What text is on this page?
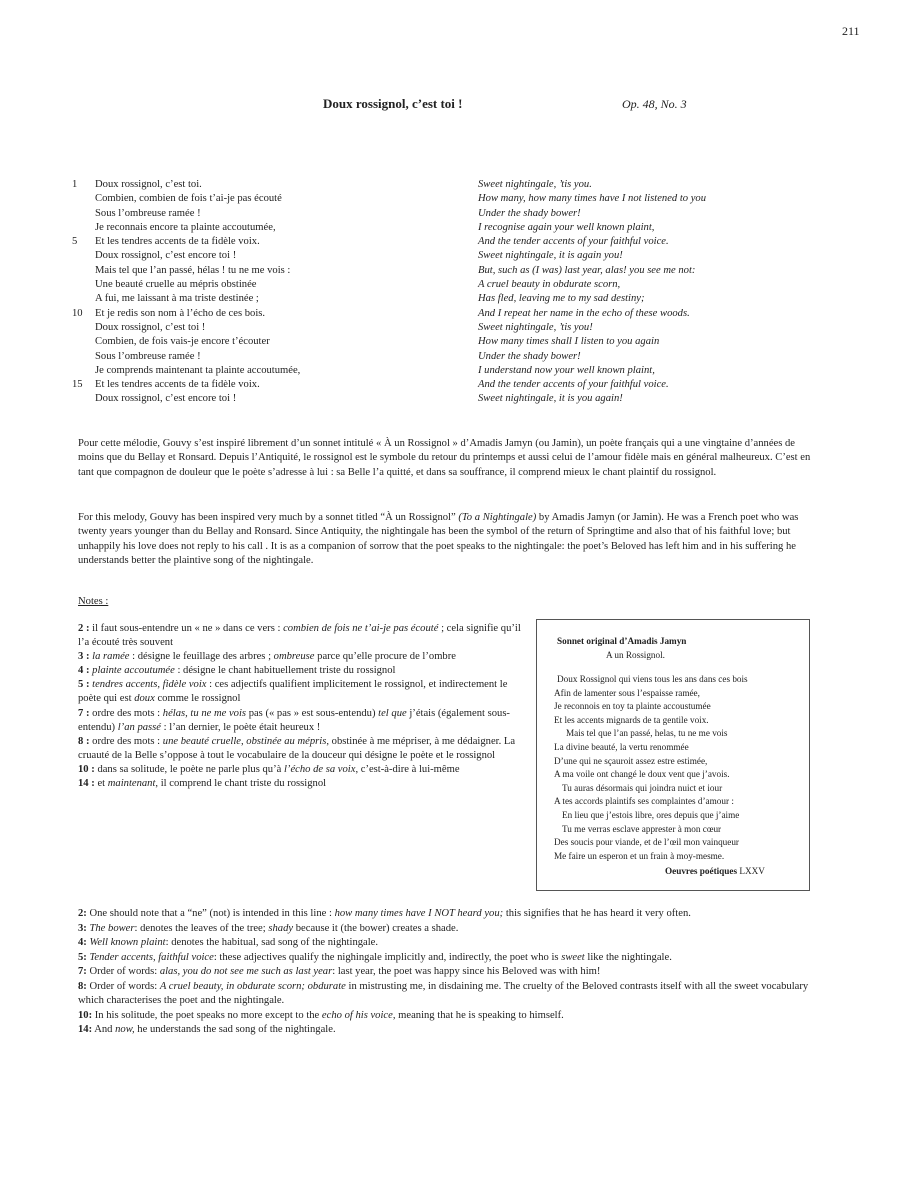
211
Doux rossignol, c’est toi !	Op. 48, No. 3
1 Doux rossignol, c’est toi.
Combien, combien de fois t’ai-je pas écouté
Sous l’ombreuse ramée !
Je reconnais encore ta plainte accoutumée,
5 Et les tendres accents de ta fidèle voix.
Doux rossignol, c’est encore toi !
Mais tel que l’an passé, hélas ! tu ne me vois :
Une beauté cruelle au mépris obstinée
A fui, me laissant à ma triste destinée ;
10 Et je redis son nom à l’écho de ces bois.
Doux rossignol, c’est toi !
Combien, de fois vais-je encore t’écouter
Sous l’ombreuse ramée !
Je comprends maintenant ta plainte accoutumée,
15 Et les tendres accents de ta fidèle voix.
Doux rossignol, c’est encore toi !
Sweet nightingale, ’tis you.
How many, how many times have I not listened to you
Under the shady bower!
I recognise again your well known plaint,
And the tender accents of your faithful voice.
Sweet nightingale, it is again you!
But, such as (I was) last year, alas! you see me not:
A cruel beauty in obdurate scorn,
Has fled, leaving me to my sad destiny;
And I repeat her name in the echo of these woods.
Sweet nightingale, ’tis you!
How many times shall I listen to you again
Under the shady bower!
I understand now your well known plaint,
And the tender accents of your faithful voice.
Sweet nightingale, it is you again!
Pour cette mélodie, Gouvy s’est inspiré librement d’un sonnet intitulé « À un Rossignol » d’Amadis Jamyn (ou Jamin), un poète français qui a une vingtaine d’années de moins que du Bellay et Ronsard. Depuis l’Antiquité, le rossignol est le symbole du retour du printemps et aussi celui de l’amour fidèle mais en général malheureux. C’est en tant que compagnon de douleur que le poète s’adresse à lui : sa Belle l’a quitté, et dans sa souffrance, il comprend mieux le chant plaintif du rossignol.
For this melody, Gouvy has been inspired very much by a sonnet titled “À un Rossignol” (To a Nightingale) by Amadis Jamyn (or Jamin). He was a French poet who was twenty years younger than du Bellay and Ronsard. Since Antiquity, the nightingale has been the symbol of the return of Springtime and also that of his faithful love; but unhappily his love does not reply to his call . It is as a companion of sorrow that the poet speaks to the nightingale: the poet’s Beloved has left him and in his suffering he understands better the plaintive song of the nightingale.
Notes :

2 : il faut sous-entendre un « ne » dans ce vers : combien de fois ne t’ai-je pas écouté ; cela signifie qu’il l’a écouté très souvent

3 : la ramée : désigne le feuillage des arbres ; ombreuse parce qu’elle procure de l’ombre

4 : plainte accoutumée : désigne le chant habituellement triste du rossignol

5 : tendres accents, fidèle voix : ces adjectifs qualifient implicitement le rossignol, et indirectement le poète qui est doux comme le rossignol

7 : ordre des mots : hélas, tu ne me vois pas (« pas » est sous-entendu) tel que j’étais (également sous-entendu) l’an passé : l’an dernier, le poète était heureux !

8 : ordre des mots : une beauté cruelle, obstinée au mépris, obstinée à me mépriser, à me dédaigner. La cruauté de la Belle s’oppose à tout le vocabulaire de la douceur qui désigne le poète et le rossignol

10 : dans sa solitude, le poète ne parle plus qu’à l’écho de sa voix, c’est-à-dire à lui-même

14 : et maintenant, il comprend le chant triste du rossignol

Sonnet original d’Amadis Jamyn
A un Rossignol.
Doux Rossignol qui viens tous les ans dans ces bois
Afin de lamenter sous l’espaisse ramée,
Je reconnois en toy ta plainte accoustumée
Et les accents mignards de ta gentile voix.
Mais tel que l’an passé, helas, tu ne me vois
La divine beauté, la vertu renommée
D’une qui ne sçauroit assez estre estimée,
A ma voile ont changé le doux vent que j’avois.
Tu auras désormais qui joindra nuict et iour
A tes accords plaintifs ses complaintes d’amour :
En lieu que j’estois libre, ores depuis que j’aime
Tu me verras esclave apprester à mon cœur
Des soucis pour viande, et de l’œil mon vainqueur
Me faire un esperon et un frain à moy-mesme.
Oeuvres poétiques LXXV

2: One should note that a “ne” (not) is intended in this line : how many times have I NOT heard you; this signifies that he has heard it very often.

3: The bower: denotes the leaves of the tree; shady because it (the bower) creates a shade.

4: Well known plaint: denotes the habitual, sad song of the nightingale.

5: Tender accents, faithful voice: these adjectives qualify the nighingale implicitly and, indirectly, the poet who is sweet like the nightingale.

7: Order of words: alas, you do not see me such as last year: last year, the poet was happy since his Beloved was with him!

8: Order of words: A cruel beauty, in obdurate scorn; obdurate in mistrusting me, in disdaining me. The cruelty of the Beloved contrasts itself with all the sweet vocabulary which characterises the poet and the nightingale.

10: In his solitude, the poet speaks no more except to the echo of his voice, meaning that he is speaking to himself.

14: And now, he understands the sad song of the nightingale.
